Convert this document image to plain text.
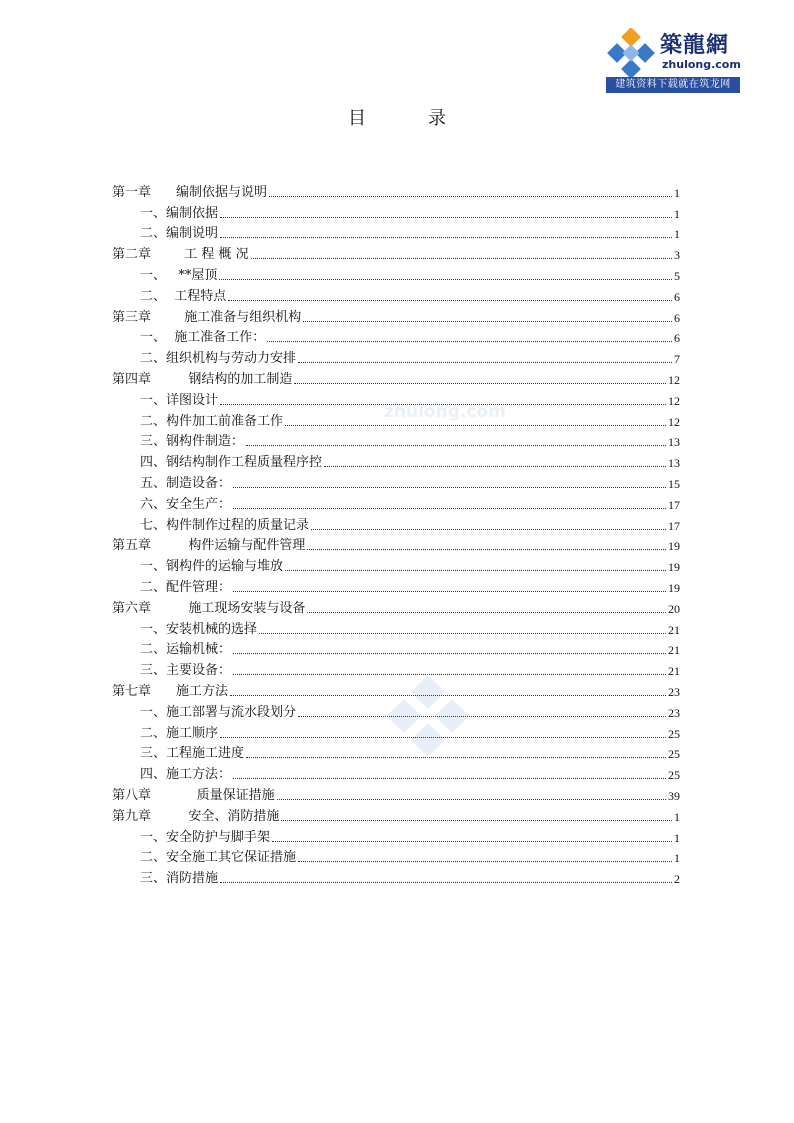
築龍網
zhulong.com
建筑资料下载就在筑龙网
目	录
zhulong.com
第一章	编制依据与说明	1
一、 编制依据	1
二、 编制说明	1
第二章	工 程 概 况	3
一、 **屋顶	5
二、 工程特点	6
第三章	施工准备与组织机构	6
一、 施工准备工作：	6
二、 组织机构与劳动力安排	7
第四章	钢结构的加工制造	12
一、 详图设计	12
二、 构件加工前准备工作	12
三、 钢构件制造：	13
四、 钢结构制作工程质量程序控	13
五、 制造设备：	15
六、 安全生产：	17
七、 构件制作过程的质量记录	17
第五章	构件运输与配件管理	19
一、 钢构件的运输与堆放	19
二、 配件管理：	19
第六章	施工现场安装与设备	20
一、 安装机械的选择	21
二、 运输机械：	21
三、 主要设备：	21
第七章	施工方法	23
一、 施工部署与流水段划分	23
二、 施工顺序	25
三、 工程施工进度	25
四、 施工方法：	25
第八章	质量保证措施	39
第九章	安全、消防措施	1
一、 安全防护与脚手架	1
二、 安全施工其它保证措施	1
三、 消防措施	2
